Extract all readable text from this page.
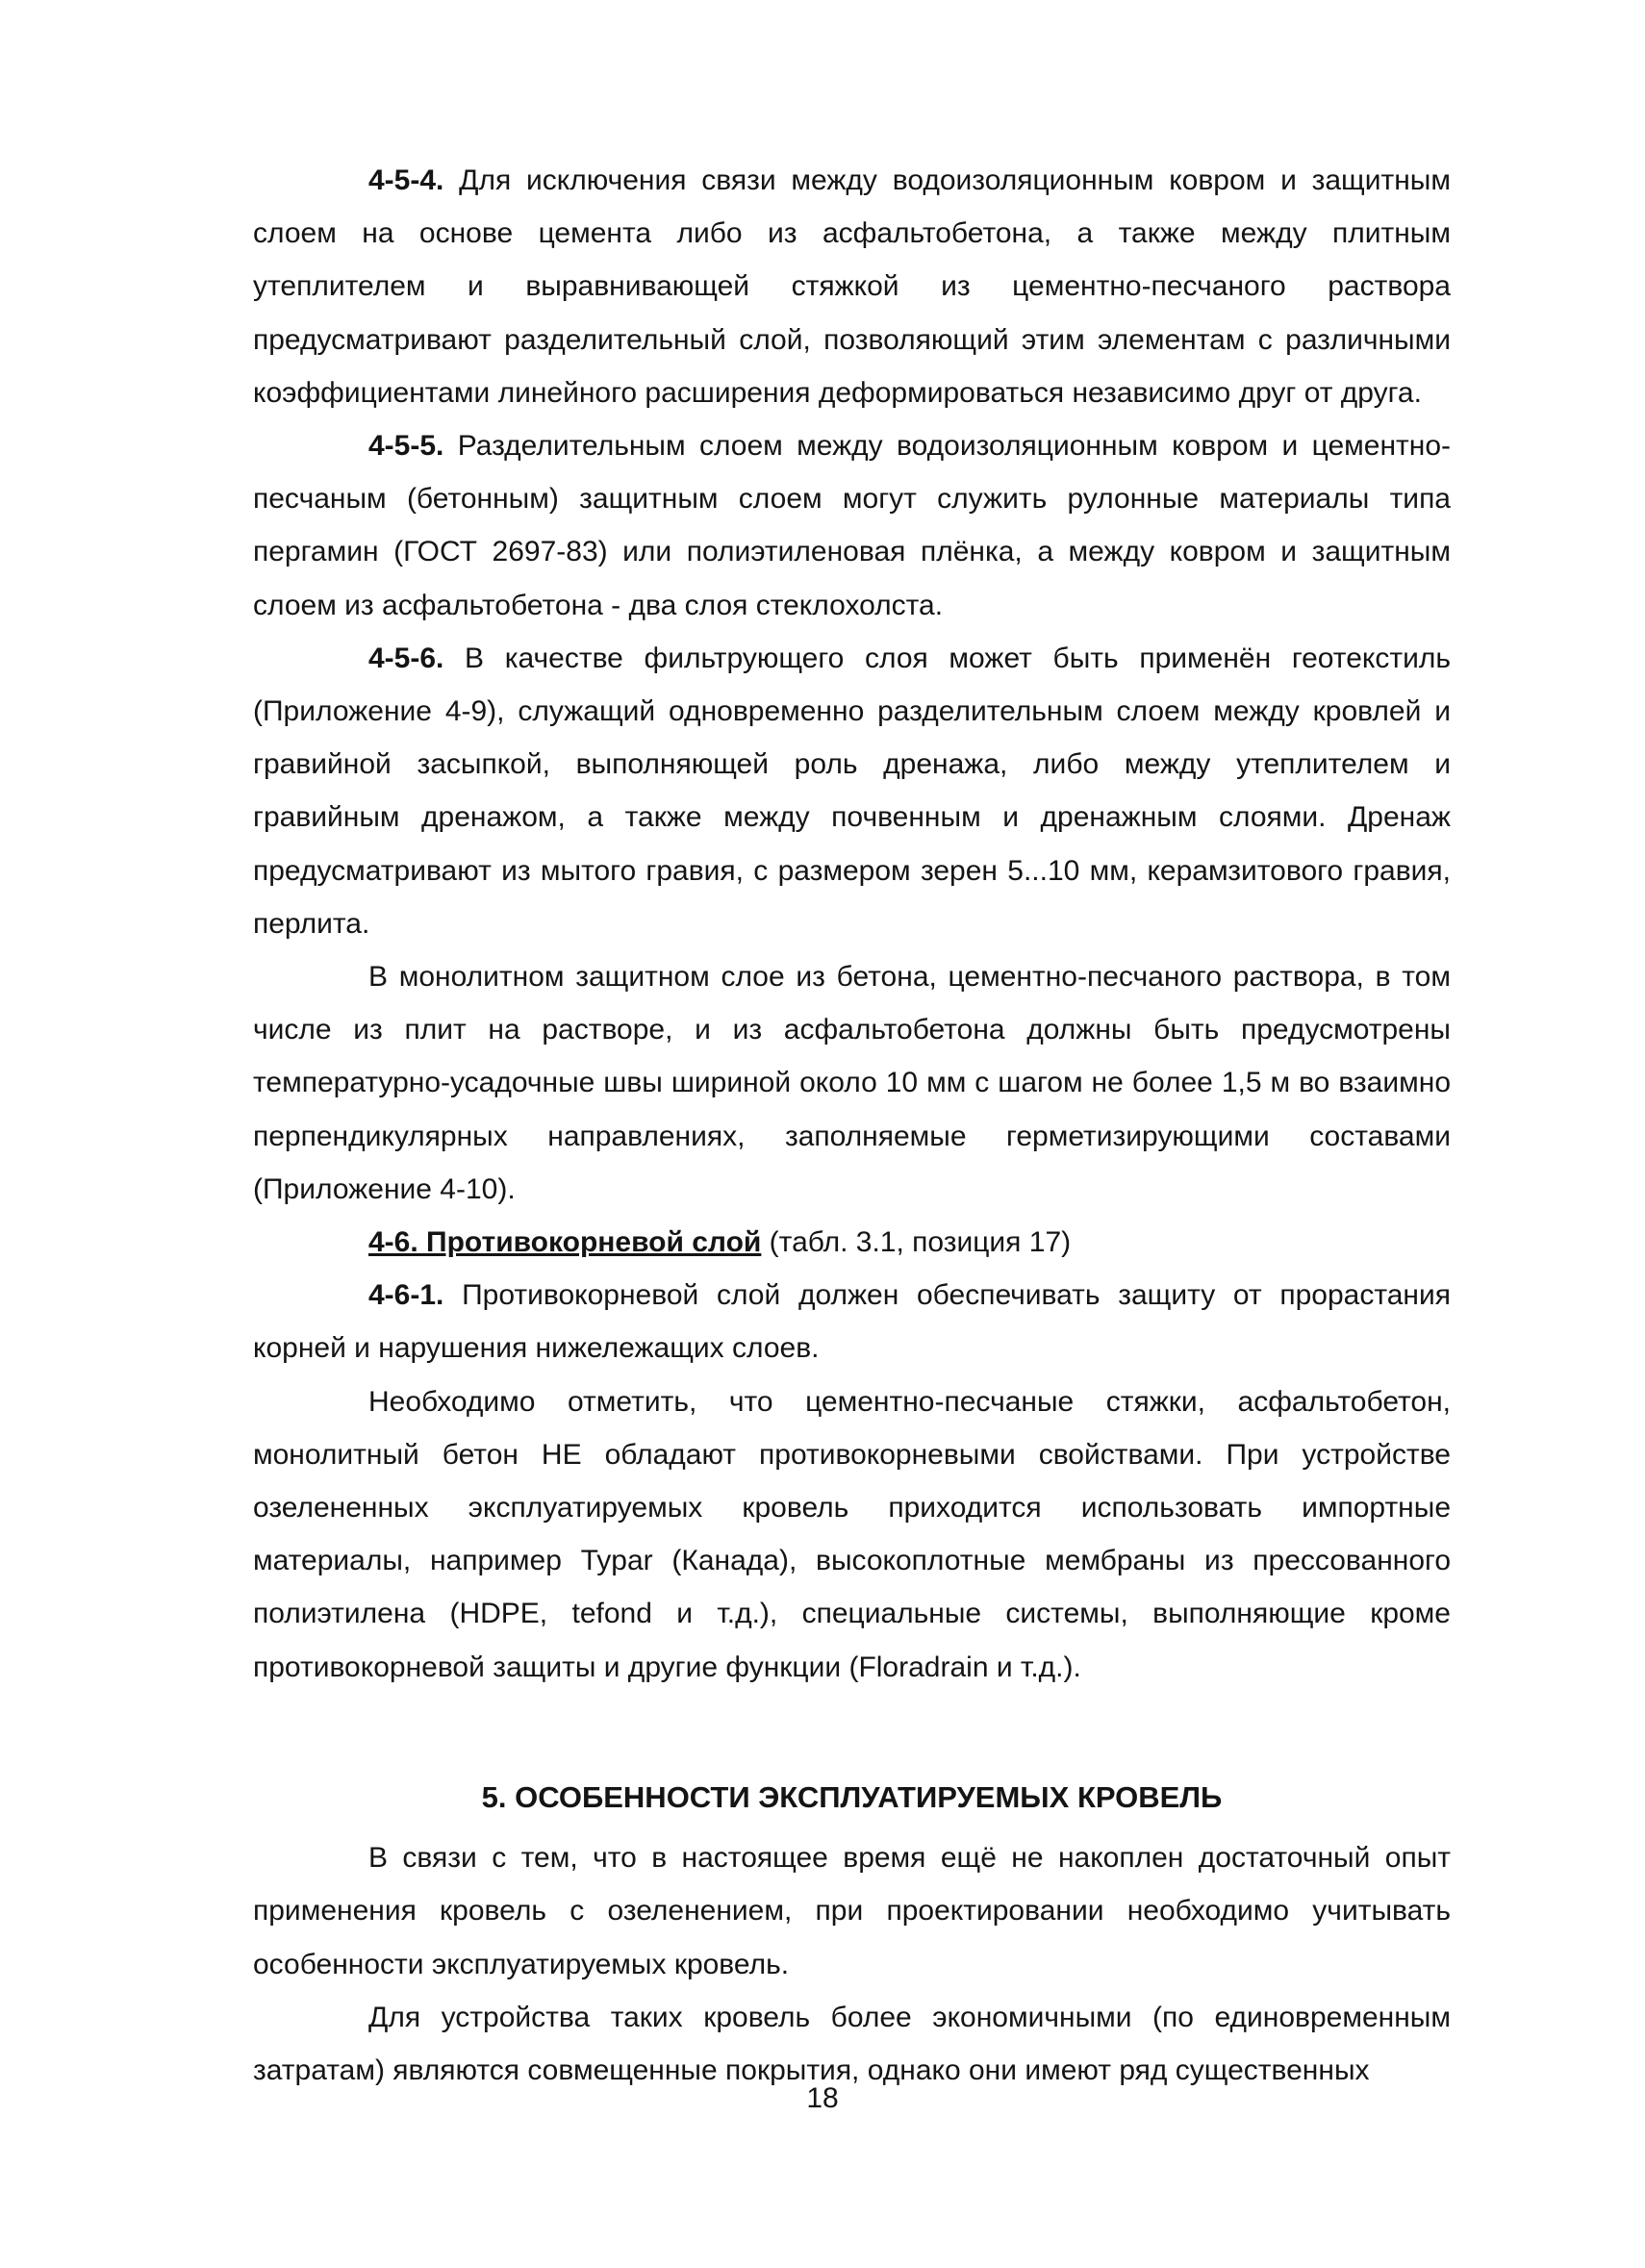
4-5-4. Для исключения связи между водоизоляционным ковром и защитным слоем на основе цемента либо из асфальтобетона, а также между плитным утеплителем и выравнивающей стяжкой из цементно-песчаного раствора предусматривают разделительный слой, позволяющий этим элементам с различными коэффициентами линейного расширения деформироваться независимо друг от друга.

4-5-5. Разделительным слоем между водоизоляционным ковром и цементно-песчаным (бетонным) защитным слоем могут служить рулонные материалы типа пергамин (ГОСТ 2697-83) или полиэтиленовая плёнка, а между ковром и защитным слоем из асфальтобетона - два слоя стеклохолста.

4-5-6. В качестве фильтрующего слоя может быть применён геотекстиль (Приложение 4-9), служащий одновременно разделительным слоем между кровлей и гравийной засыпкой, выполняющей роль дренажа, либо между утеплителем и гравийным дренажом, а также между почвенным и дренажным слоями. Дренаж предусматривают из мытого гравия, с размером зерен 5...10 мм, керамзитового гравия, перлита.

В монолитном защитном слое из бетона, цементно-песчаного раствора, в том числе из плит на растворе, и из асфальтобетона должны быть предусмотрены температурно-усадочные швы шириной около 10 мм с шагом не более 1,5 м во взаимно перпендикулярных направлениях, заполняемые герметизирующими составами (Приложение 4-10).

4-6. Противокорневой слой (табл. 3.1, позиция 17)

4-6-1. Противокорневой слой должен обеспечивать защиту от прорастания корней и нарушения нижележащих слоев.

Необходимо отметить, что цементно-песчаные стяжки, асфальтобетон, монолитный бетон НЕ обладают противокорневыми свойствами. При устройстве озелененных эксплуатируемых кровель приходится использовать импортные материалы, например Typar (Канада), высокоплотные мембраны из прессованного полиэтилена (HDPE, tefond и т.д.), специальные системы, выполняющие кроме противокорневой защиты и другие функции (Floradrain и т.д.).

5. ОСОБЕННОСТИ ЭКСПЛУАТИРУЕМЫХ КРОВЕЛЬ

В связи с тем, что в настоящее время ещё не накоплен достаточный опыт применения кровель с озеленением, при проектировании необходимо учитывать особенности эксплуатируемых кровель.

Для устройства таких кровель более экономичными (по единовременным затратам) являются совмещенные покрытия, однако они имеют ряд существенных

18
